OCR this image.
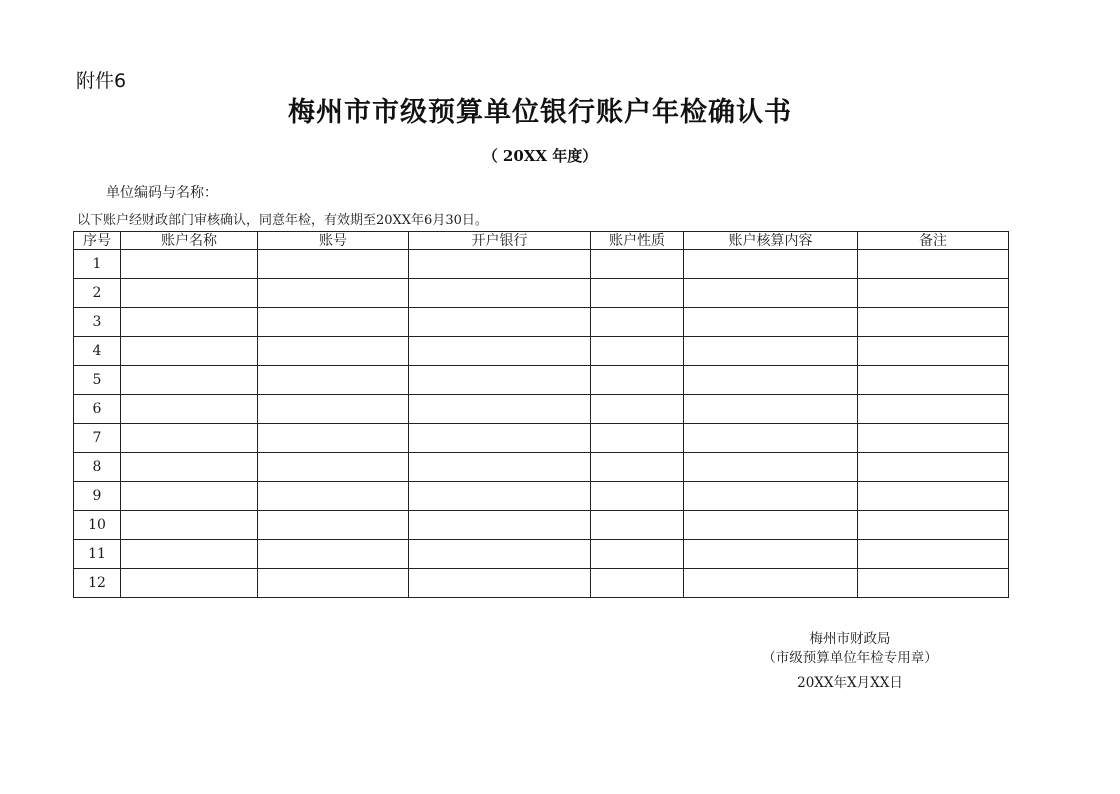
附件6
梅州市市级预算单位银行账户年检确认书
（ 20XX 年度）
单位编码与名称：
以下账户经财政部门审核确认，同意年检，有效期至20XX年6月30日。
序号	账户名称	账号	开户银行	账户性质	账户核算内容	备注
1						
2						
3						
4						
5						
6						
7						
8						
9						
10						
11						
12						
梅州市财政局
（市级预算单位年检专用章）
20XX年X月XX日
